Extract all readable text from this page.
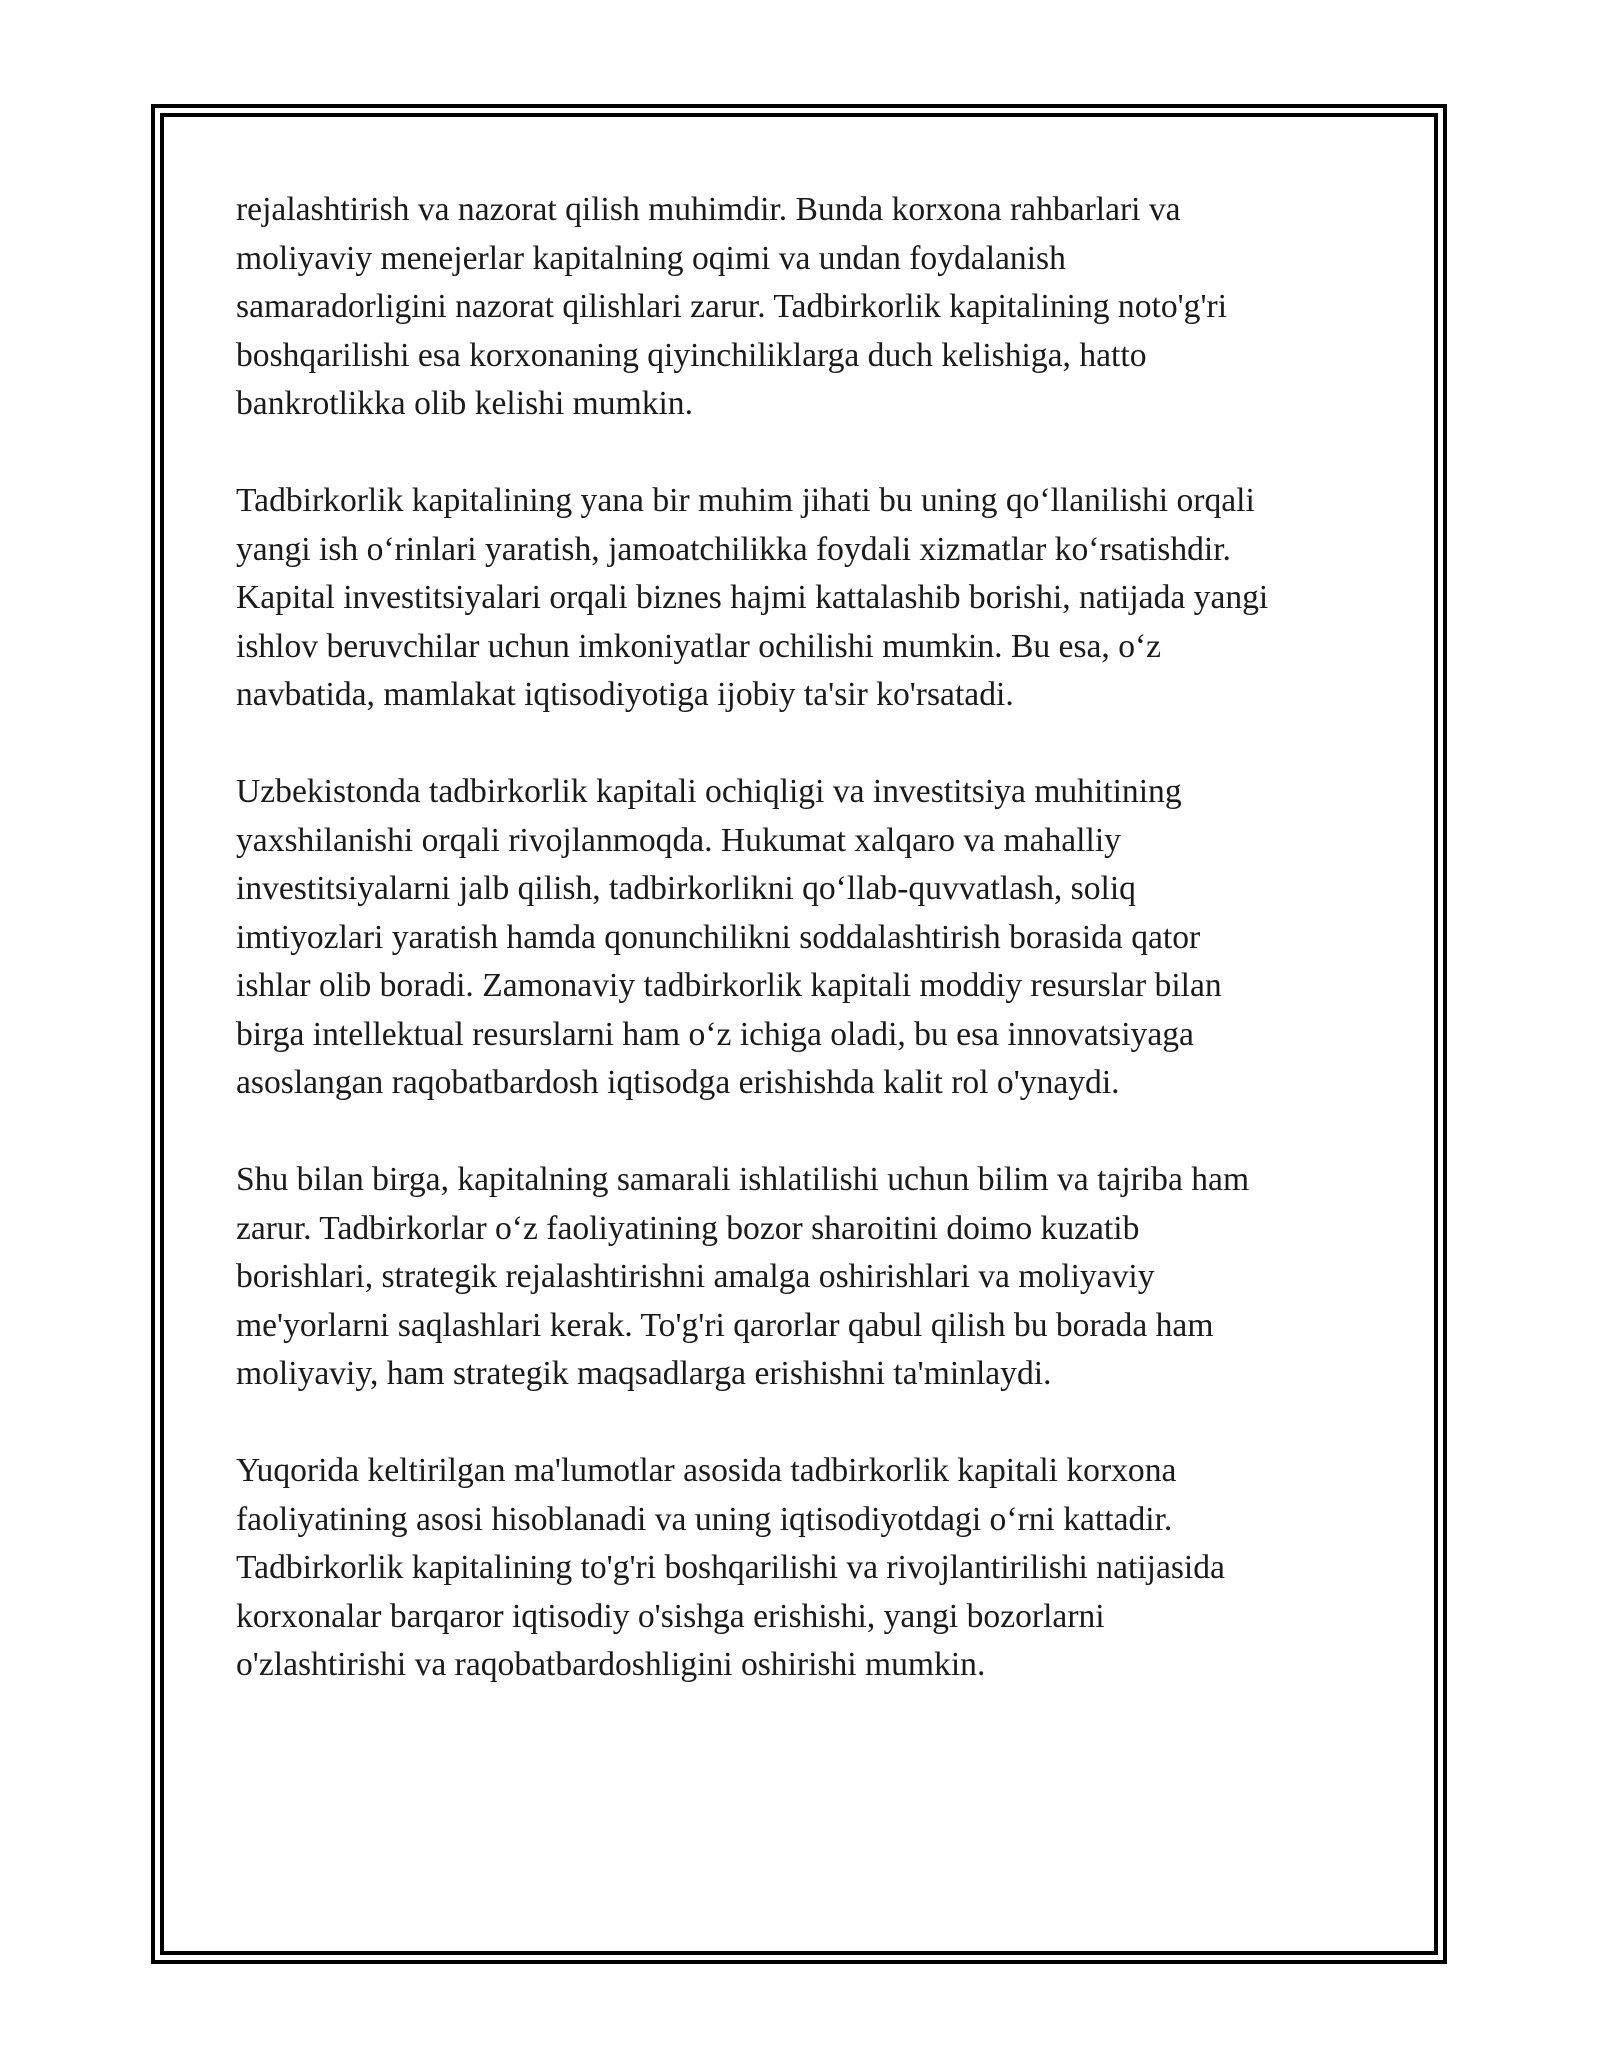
rejalashtirish va nazorat qilish muhimdir. Bunda korxona rahbarlari va
moliyaviy menejerlar kapitalning oqimi va undan foydalanish
samaradorligini nazorat qilishlari zarur. Tadbirkorlik kapitalining noto'g'ri
boshqarilishi esa korxonaning qiyinchiliklarga duch kelishiga, hatto
bankrotlikka olib kelishi mumkin.

Tadbirkorlik kapitalining yana bir muhim jihati bu uning qo‘llanilishi orqali
yangi ish o‘rinlari yaratish, jamoatchilikka foydali xizmatlar ko‘rsatishdir.
Kapital investitsiyalari orqali biznes hajmi kattalashib borishi, natijada yangi
ishlov beruvchilar uchun imkoniyatlar ochilishi mumkin. Bu esa, o‘z
navbatida, mamlakat iqtisodiyotiga ijobiy ta'sir ko'rsatadi.

Uzbekistonda tadbirkorlik kapitali ochiqligi va investitsiya muhitining
yaxshilanishi orqali rivojlanmoqda. Hukumat xalqaro va mahalliy
investitsiyalarni jalb qilish, tadbirkorlikni qo‘llab-quvvatlash, soliq
imtiyozlari yaratish hamda qonunchilikni soddalashtirish borasida qator
ishlar olib boradi. Zamonaviy tadbirkorlik kapitali moddiy resurslar bilan
birga intellektual resurslarni ham o‘z ichiga oladi, bu esa innovatsiyaga
asoslangan raqobatbardosh iqtisodga erishishda kalit rol o'ynaydi.

Shu bilan birga, kapitalning samarali ishlatilishi uchun bilim va tajriba ham
zarur. Tadbirkorlar o‘z faoliyatining bozor sharoitini doimo kuzatib
borishlari, strategik rejalashtirishni amalga oshirishlari va moliyaviy
me'yorlarni saqlashlari kerak. To'g'ri qarorlar qabul qilish bu borada ham
moliyaviy, ham strategik maqsadlarga erishishni ta'minlaydi.

Yuqorida keltirilgan ma'lumotlar asosida tadbirkorlik kapitali korxona
faoliyatining asosi hisoblanadi va uning iqtisodiyotdagi o‘rni kattadir.
Tadbirkorlik kapitalining to'g'ri boshqarilishi va rivojlantirilishi natijasida
korxonalar barqaror iqtisodiy o'sishga erishishi, yangi bozorlarni
o'zlashtirishi va raqobatbardoshligini oshirishi mumkin.
